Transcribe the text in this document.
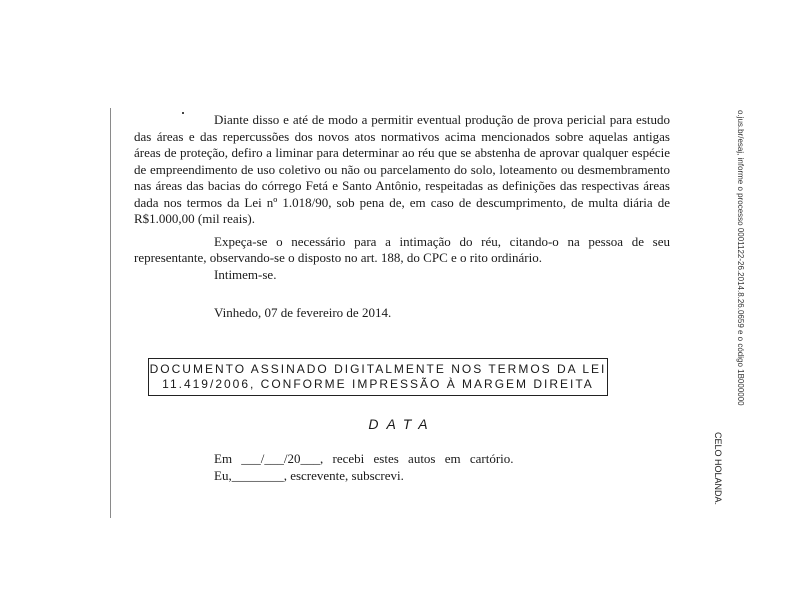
Diante disso e até de modo a permitir eventual produção de prova pericial para estudo das áreas e das repercussões dos novos atos normativos acima mencionados sobre aquelas antigas áreas de proteção, defiro a liminar para determinar ao réu que se abstenha de aprovar qualquer espécie de empreendimento de uso coletivo ou não ou parcelamento do solo, loteamento ou desmembramento nas áreas das bacias do córrego Fetá e Santo Antônio, respeitadas as definições das respectivas áreas dada nos termos da Lei nº 1.018/90, sob pena de, em caso de descumprimento, de multa diária de R$1.000,00 (mil reais).

Expeça-se o necessário para a intimação do réu, citando-o na pessoa de seu representante, observando-se o disposto no art. 188, do CPC e o rito ordinário.

Intimem-se.

Vinhedo, 07 de fevereiro de 2014.

DOCUMENTO ASSINADO DIGITALMENTE NOS TERMOS DA LEI
11.419/2006, CONFORME IMPRESSÃO À MARGEM DIREITA
DATA

Em ___/___/20___, recebi estes autos em cartório.

Eu,________, escrevente, subscrevi.

o.jus.br/esaj, informe o processo 0001122-26.2014.8.26.0659 e o código 1B000000
CELO HOLANDA.
